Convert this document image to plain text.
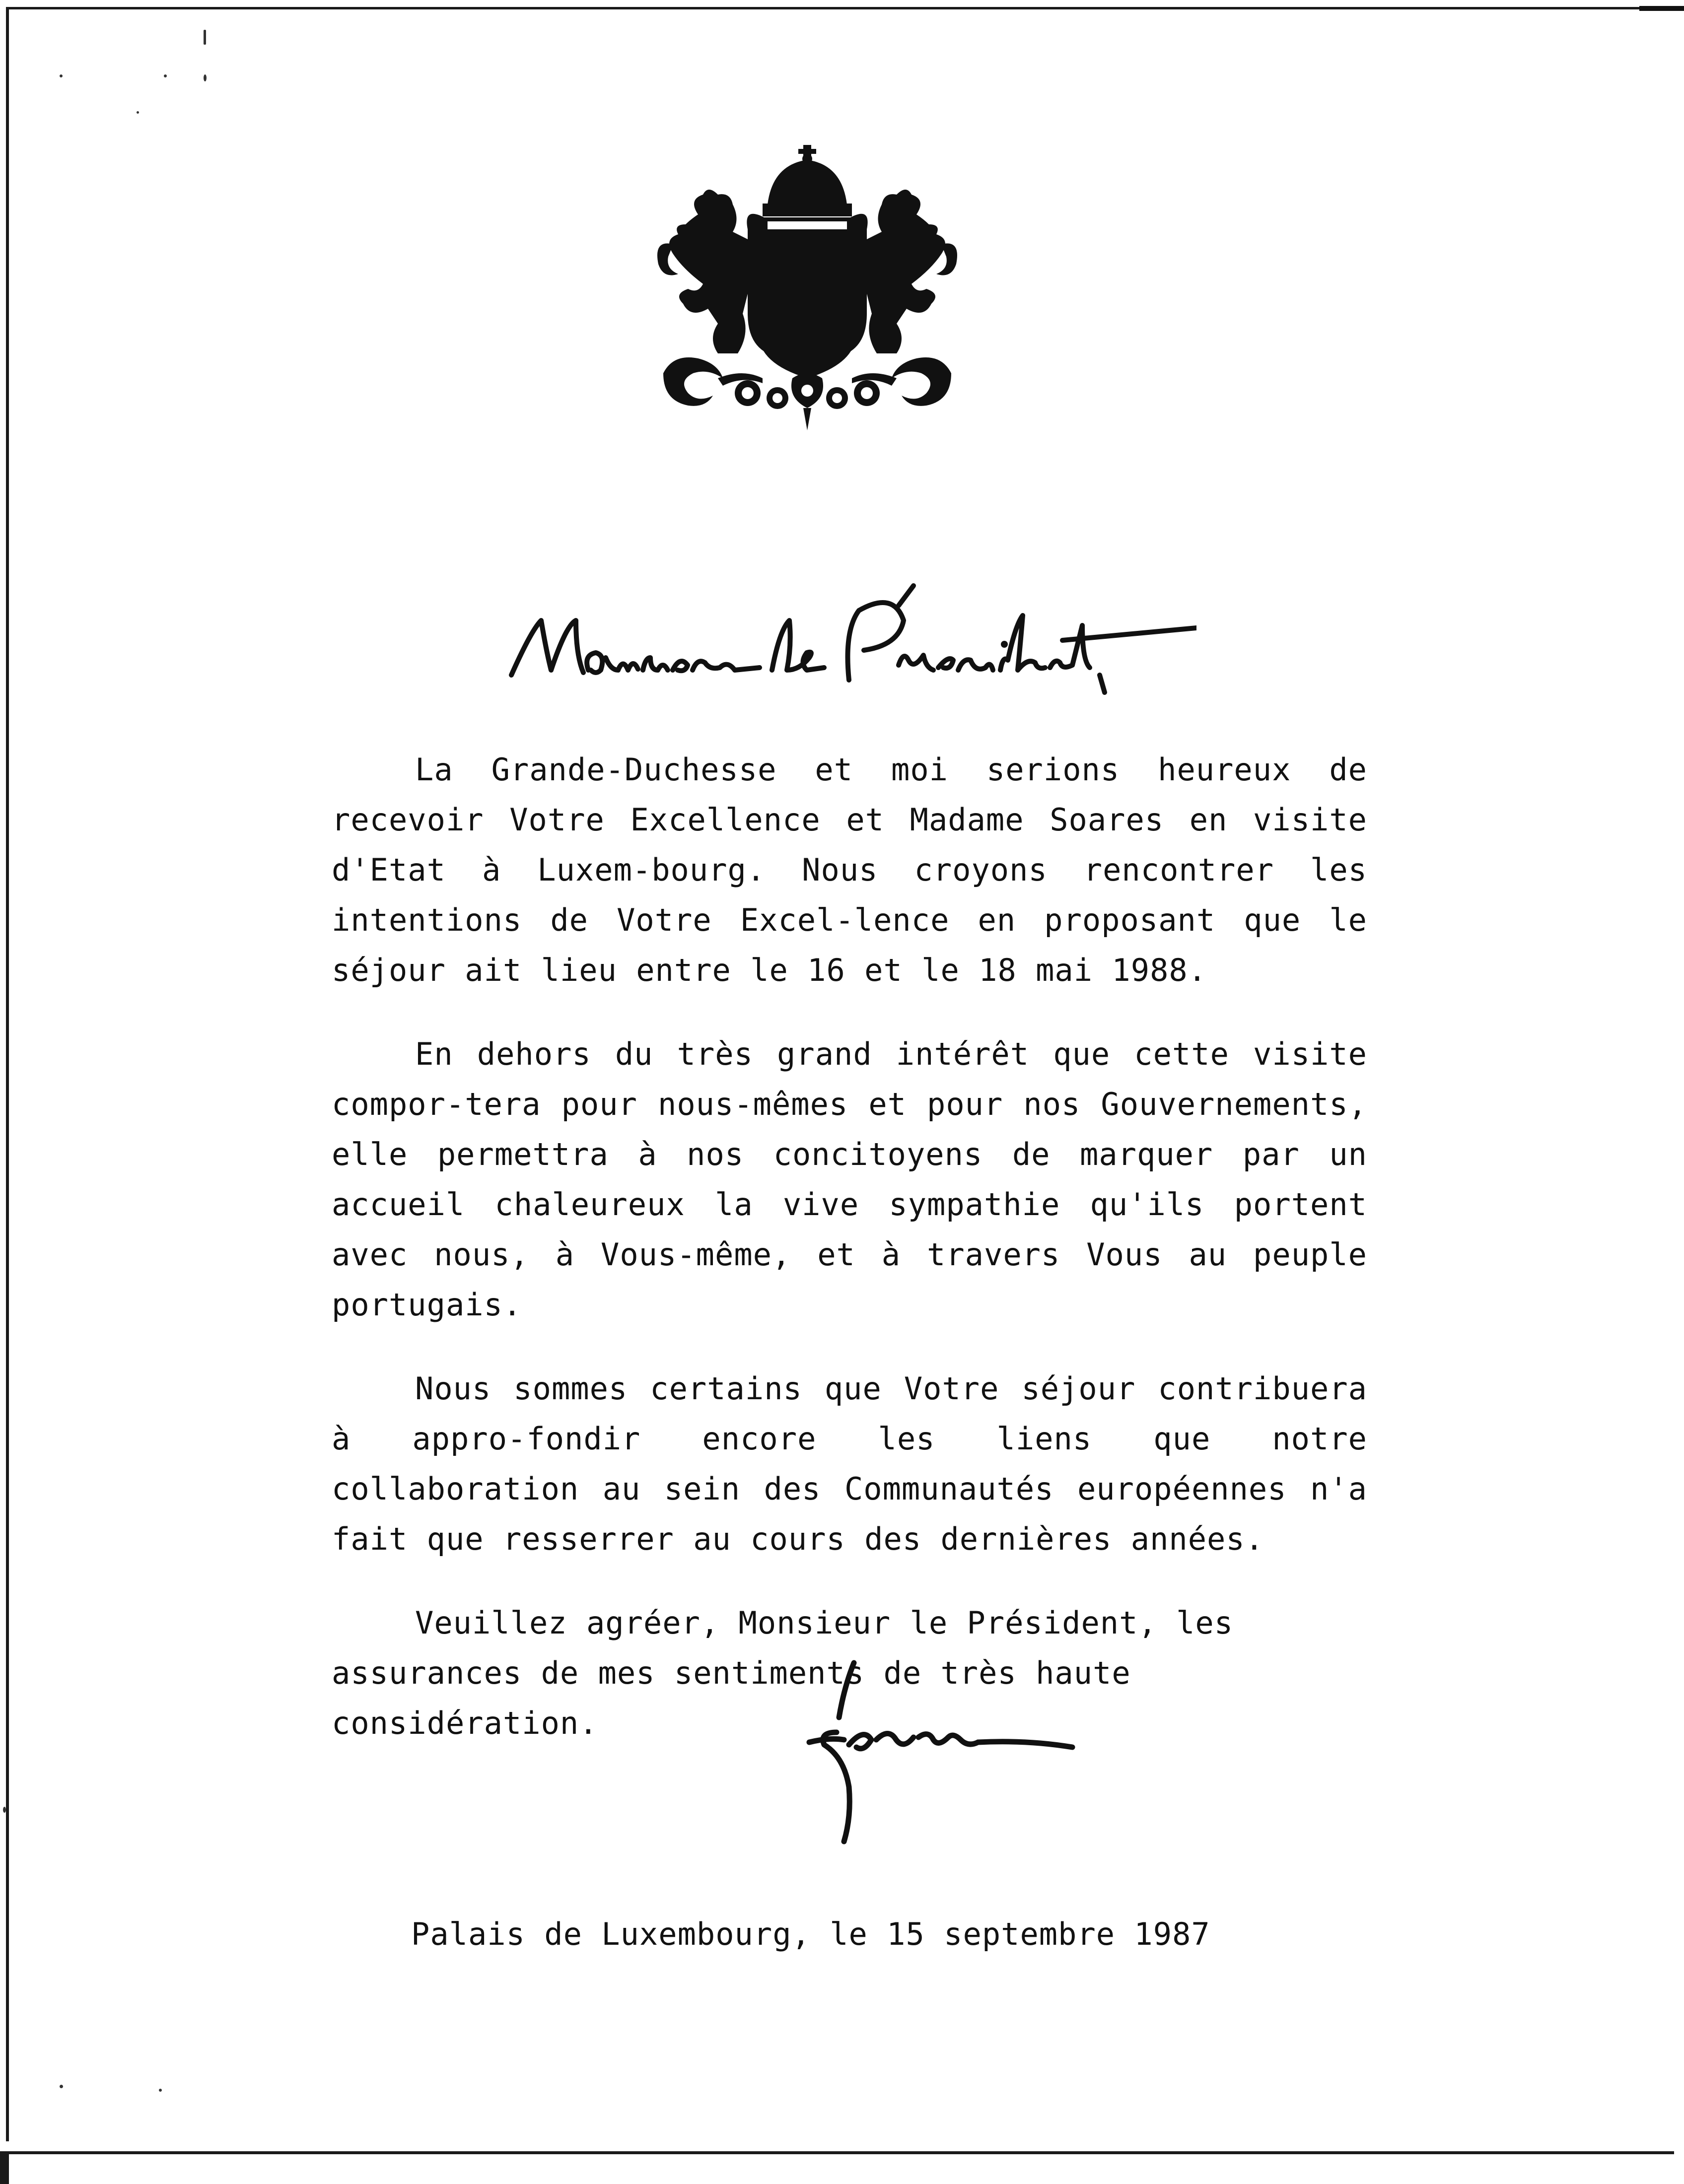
La Grande-Duchesse et moi serions heureux de recevoir Votre Excellence et Madame Soares en visite d'Etat à Luxem-bourg. Nous croyons rencontrer les intentions de Votre Excel-lence en proposant que le séjour ait lieu entre le 16 et le 18 mai 1988.

En dehors du très grand intérêt que cette visite compor-tera pour nous-mêmes et pour nos Gouvernements, elle permettra à nos concitoyens de marquer par un accueil chaleureux la vive sympathie qu'ils portent avec nous, à Vous-même, et à travers Vous au peuple portugais.

Nous sommes certains que Votre séjour contribuera à appro-fondir encore les liens que notre collaboration au sein des Communautés européennes n'a fait que resserrer au cours des dernières années.

Veuillez agréer, Monsieur le Président, les assurances de mes sentiments de très haute considération.

Palais de Luxembourg, le 15 septembre 1987
